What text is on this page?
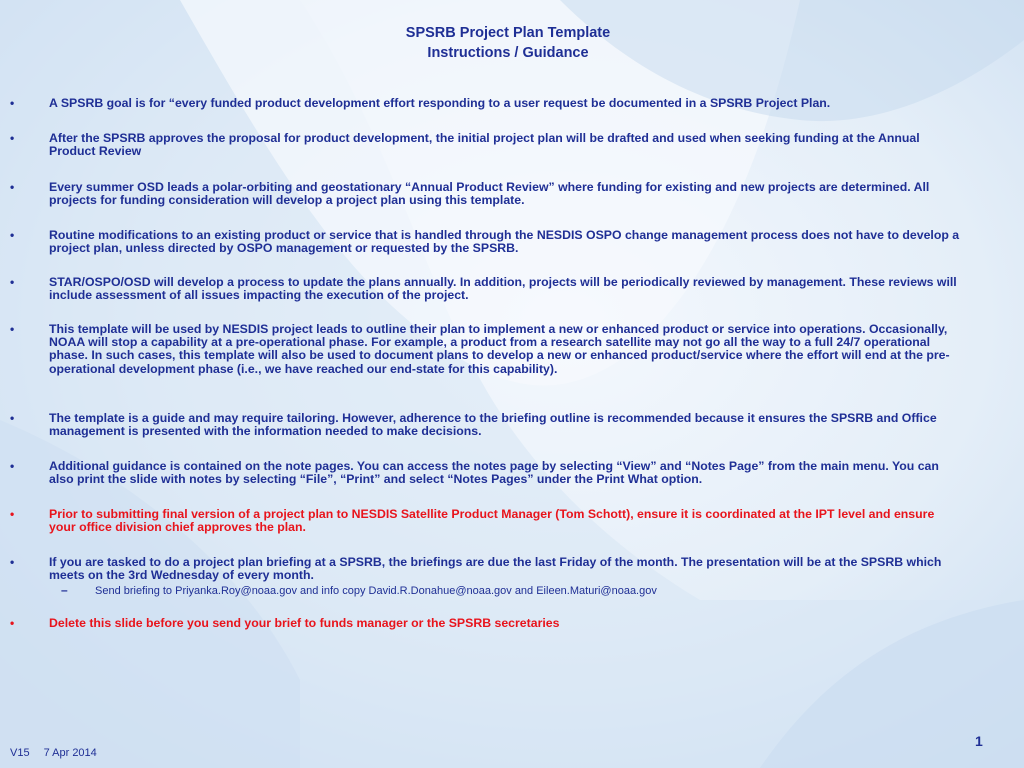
SPSRB Project Plan Template
Instructions / Guidance
•	A SPSRB goal is for “every funded product development effort responding to a user request be documented in a SPSRB Project Plan.
•	After the SPSRB approves the proposal for product development, the initial project plan will be drafted and used when seeking funding at the Annual Product Review
•	Every summer OSD leads a polar-orbiting and geostationary “Annual Product Review” where funding for existing and new projects are determined. All projects for funding consideration will develop a project plan using this template.
•	Routine modifications to an existing product or service that is handled through the NESDIS OSPO change management process does not have to develop a project plan, unless directed by OSPO management or requested by the SPSRB.
•	STAR/OSPO/OSD will develop a process to update the plans annually. In addition, projects will be periodically reviewed by management. These reviews will include assessment of all issues impacting the execution of the project.
•	This template will be used by NESDIS project leads to outline their plan to implement a new or enhanced product or service into operations. Occasionally, NOAA will stop a capability at a pre-operational phase. For example, a product from a research satellite may not go all the way to a full 24/7 operational phase. In such cases, this template will also be used to document plans to develop a new or enhanced product/service where the effort will end at the pre-operational development phase (i.e., we have reached our end-state for this capability).
•	The template is a guide and may require tailoring. However, adherence to the briefing outline is recommended because it ensures the SPSRB and Office management is presented with the information needed to make decisions.
•	Additional guidance is contained on the note pages. You can access the notes page by selecting “View” and “Notes Page” from the main menu. You can also print the slide with notes by selecting “File”, “Print” and select “Notes Pages” under the Print What option.
•	Prior to submitting final version of a project plan to NESDIS Satellite Product Manager (Tom Schott), ensure it is coordinated at the IPT level and ensure your office division chief approves the plan.
•	If you are tasked to do a project plan briefing at a SPSRB, the briefings are due the last Friday of the month. The presentation will be at the SPSRB which meets on the 3rd Wednesday of every month.
•	Delete this slide before you send your brief to funds manager or the SPSRB secretaries
– Send briefing to Priyanka.Roy@noaa.gov and info copy David.R.Donahue@noaa.gov and Eileen.Maturi@noaa.gov
1
V15 7 Apr 2014
